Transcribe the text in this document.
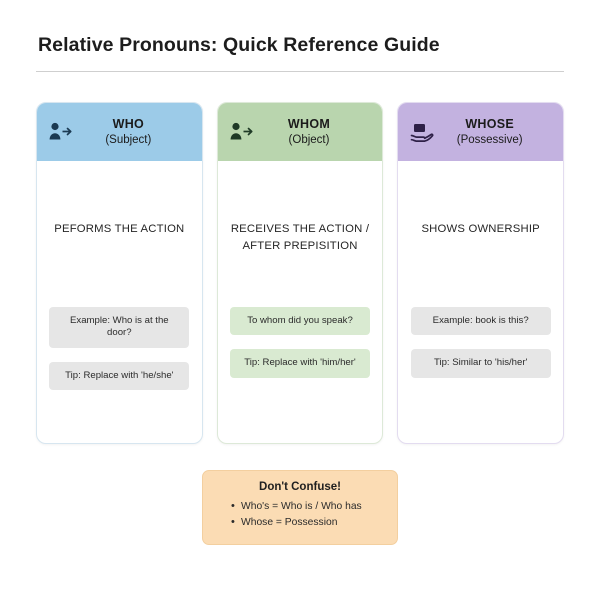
Relative Pronouns: Quick Reference Guide
WHO
(Subject)
PEFORMS THE ACTION
Example: Who is at the door?
Tip: Replace with 'he/she'
WHOM
(Object)
RECEIVES THE ACTION / AFTER PREPISITION
To whom did you speak?
Tip: Replace with 'him/her'
WHOSE
(Possessive)
SHOWS OWNERSHIP
Example: book is this?
Tip: Similar to 'his/her'
Don't Confuse!
• Who's = Who is / Who has
• Whose = Possession
